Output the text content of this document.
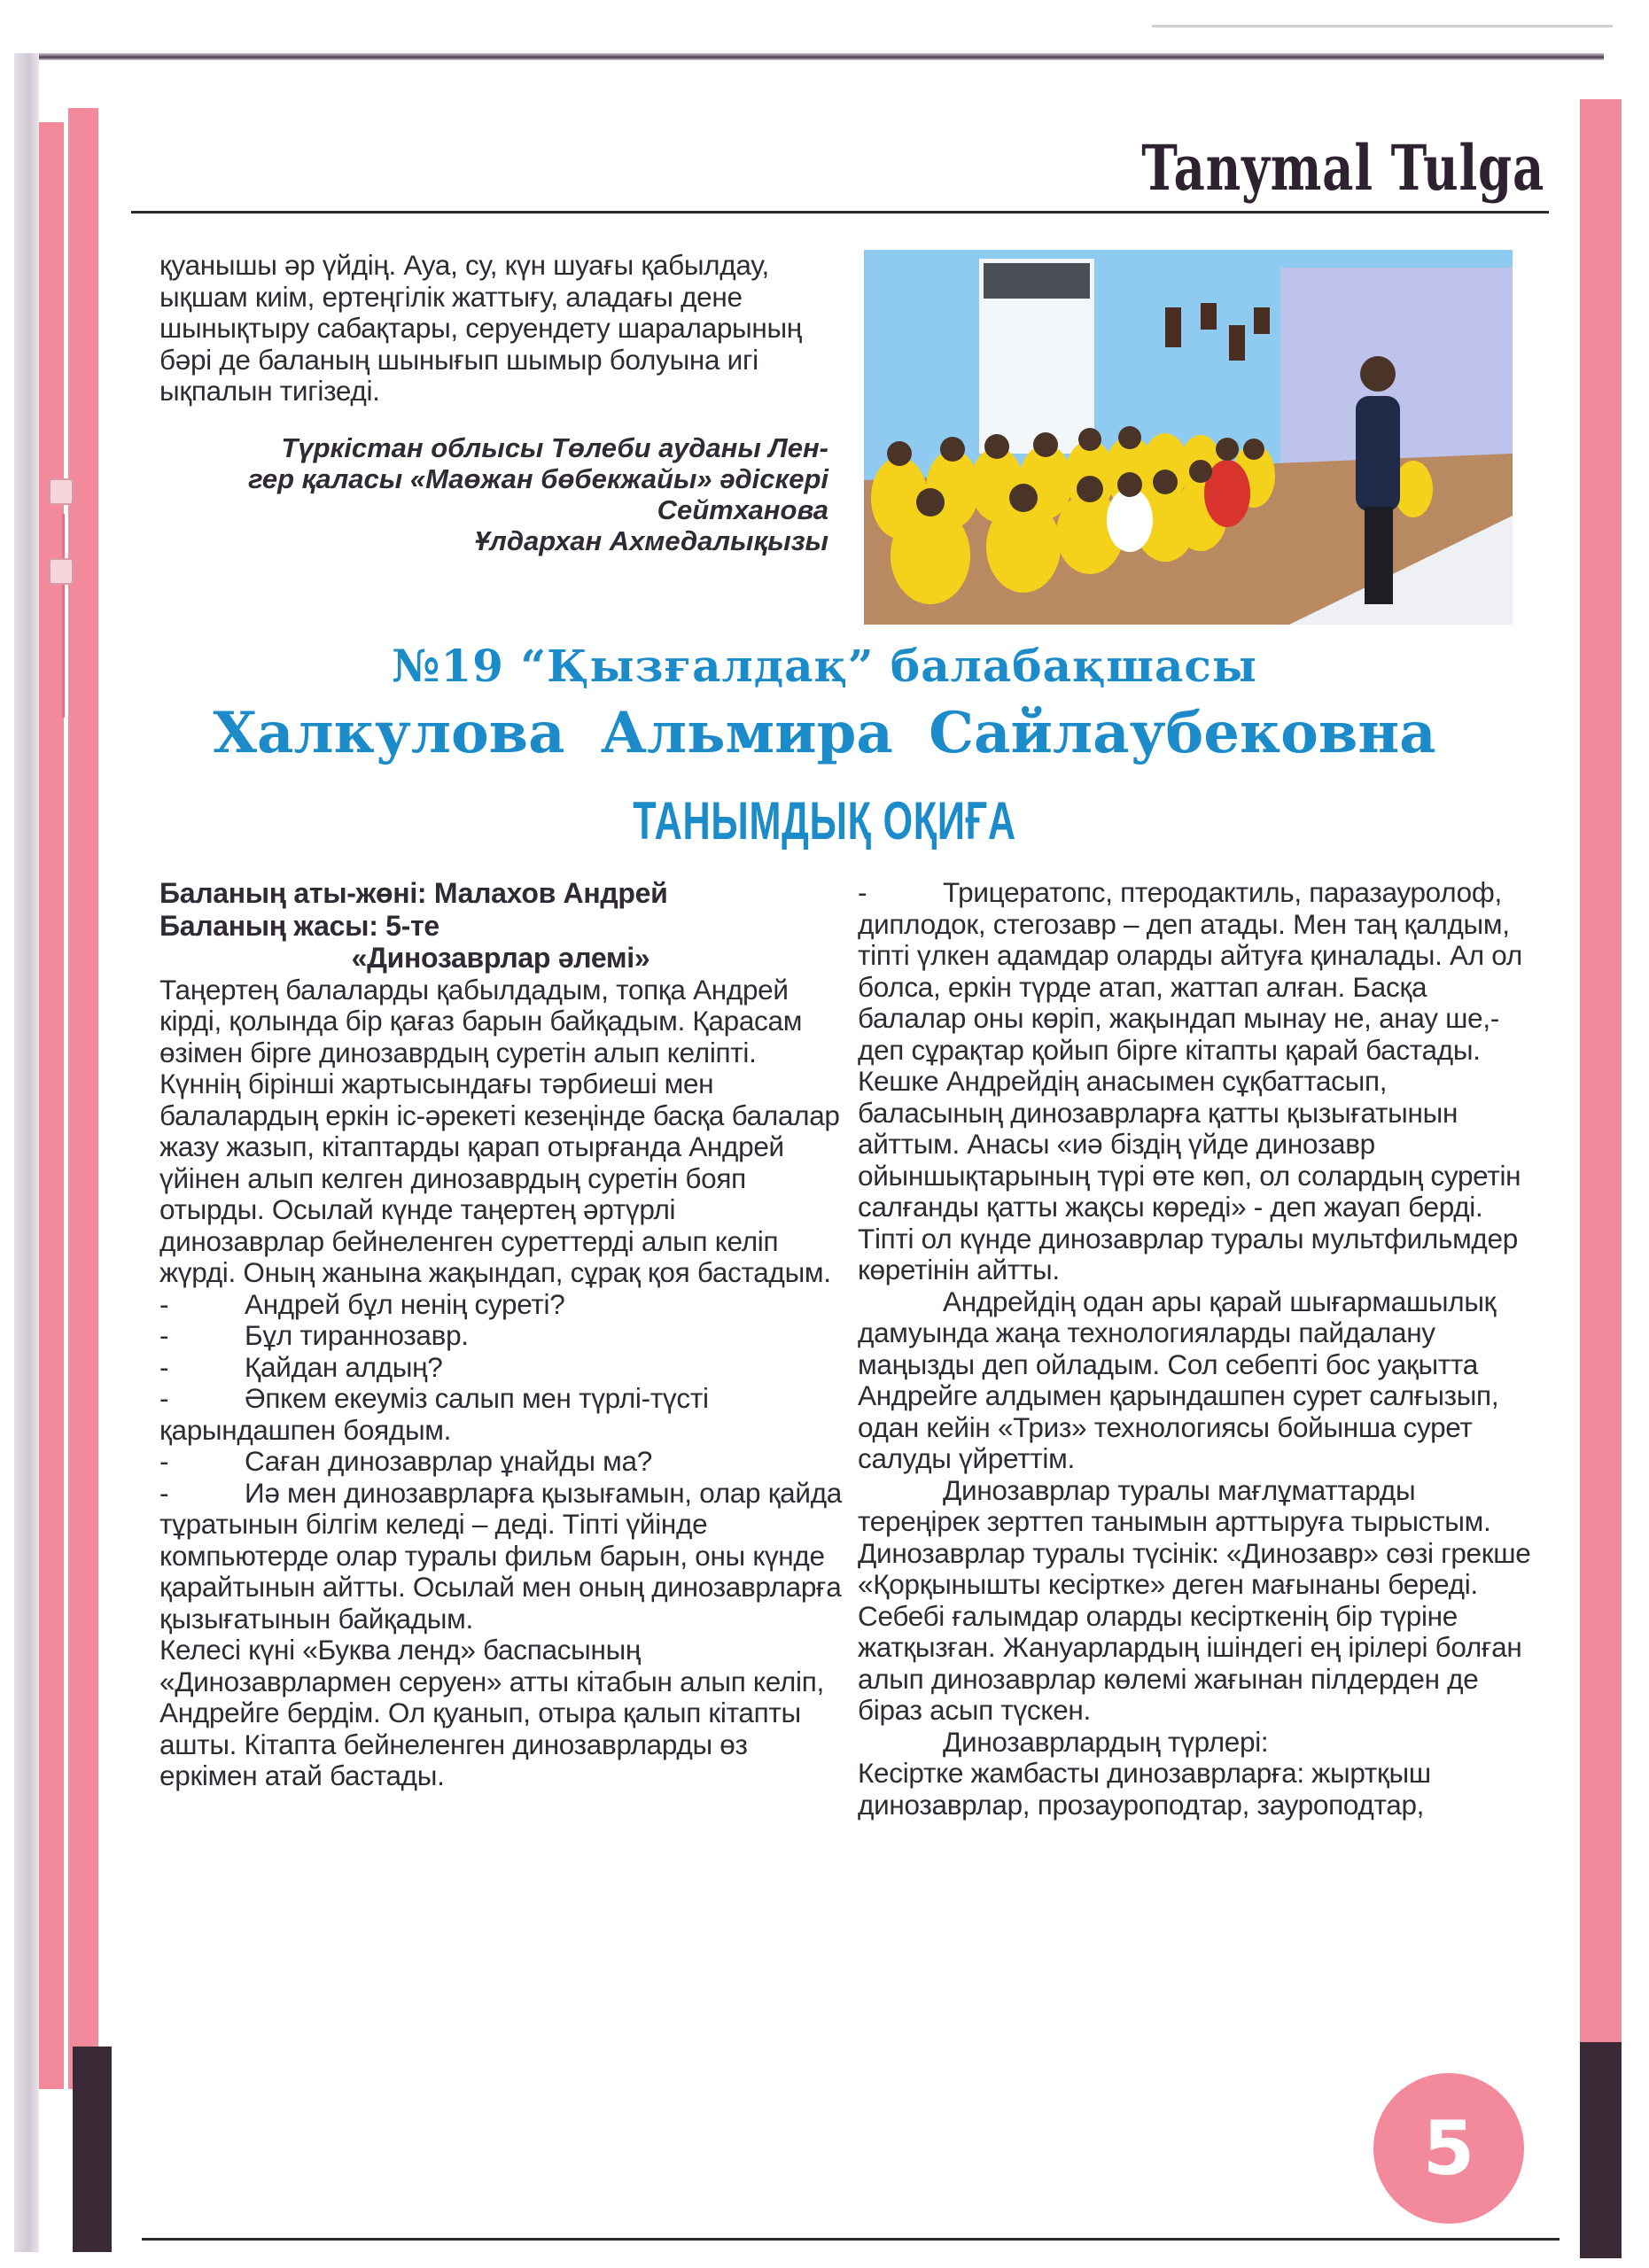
Tanymal Tulga

қуанышы әр үйдің. Ауа, су, күн шуағы қабылдау, ықшам киім, ертеңгілік жаттығу, аладағы дене шынықтыру сабақтары, серуендету шараларының бәрі де баланың шынығып шымыр болуына игі ықпалын тигізеді.

Түркістан облысы Төлеби ауданы Лен-
гер қаласы «Маөжан бөбекжайы» әдіскері
Сейтханова
Ұлдархан Ахмедалықызы
№19 “Қызғалдақ” балабақшасы
Халкулова Альмира Сайлаубековна
ТАНЫМДЫҚ ОҚИҒА

Баланың аты-жөні: Малахов Андрей

Баланың жасы: 5-те

«Динозаврлар әлемі»

Таңертең балаларды қабылдадым, топқа Андрей кірді, қолында бір қағаз барын байқадым. Қарасам өзімен бірге динозаврдың суретін алып келіпті. Күннің бірінші жартысындағы тәрбиеші мен балалардың еркін іс-әрекеті кезеңінде басқа балалар жазу жазып, кітаптарды қарап отырғанда Андрей үйінен алып келген динозаврдың суретін бояп отырды. Осылай күнде таңертең әртүрлі динозаврлар бейнеленген суреттерді алып келіп жүрді. Оның жанына жақындап, сұрақ қоя бастадым.

-	Андрей бұл ненің суреті?

-	Бұл тираннозавр.

-	Қайдан алдың?

-	Әпкем екеуміз салып мен түрлі-түсті қарындашпен боядым.

-	Саған динозаврлар ұнайды ма?

-	Иә мен динозаврларға қызығамын, олар қайда тұратынын білгім келеді – деді. Тіпті үйінде компьютерде олар туралы фильм барын, оны күнде қарайтынын айтты. Осылай мен оның динозаврларға қызығатынын байқадым.

Келесі күні «Буква ленд» баспасының «Динозаврлармен серуен» атты кітабын алып келіп, Андрейге бердім. Ол қуанып, отыра қалып кітапты ашты. Кітапта бейнеленген динозаврларды өз еркімен атай бастады.

-	Трицератопс, птеродактиль, паразауролоф, диплодок, стегозавр – деп атады. Мен таң қалдым, тіпті үлкен адамдар оларды айтуға қиналады. Ал ол болса, еркін түрде атап, жаттап алған. Басқа балалар оны көріп, жақындап мынау не, анау ше,- деп сұрақтар қойып бірге кітапты қарай бастады.

Кешке Андрейдің анасымен сұқбаттасып, баласының динозаврларға қатты қызығатынын айттым. Анасы «иә біздің үйде динозавр ойыншықтарының түрі өте көп, ол солардың суретін салғанды қатты жақсы көреді» - деп жауап берді. Тіпті ол күнде динозаврлар туралы мультфильмдер көретінін айтты.

Андрейдің одан ары қарай шығармашылық дамуында жаңа технологияларды пайдалану маңызды деп ойладым. Сол себепті бос уақытта Андрейге алдымен қарындашпен сурет салғызып, одан кейін «Триз» технологиясы бойынша сурет салуды үйреттім.

Динозаврлар туралы мағлұматтарды тереңірек зерттеп танымын арттыруға тырыстым.

Динозаврлар туралы түсінік: «Динозавр» сөзі грекше «Қорқынышты кесіртке» деген мағынаны береді. Себебі ғалымдар оларды кесірткенің бір түріне жатқызған. Жануарлардың ішіндегі ең ірілері болған алып динозаврлар көлемі жағынан пілдерден де біраз асып түскен.

Динозаврлардың түрлері:

Кесіртке жамбасты динозаврларға: жыртқыш динозаврлар, прозауроподтар, зауроподтар,

5
